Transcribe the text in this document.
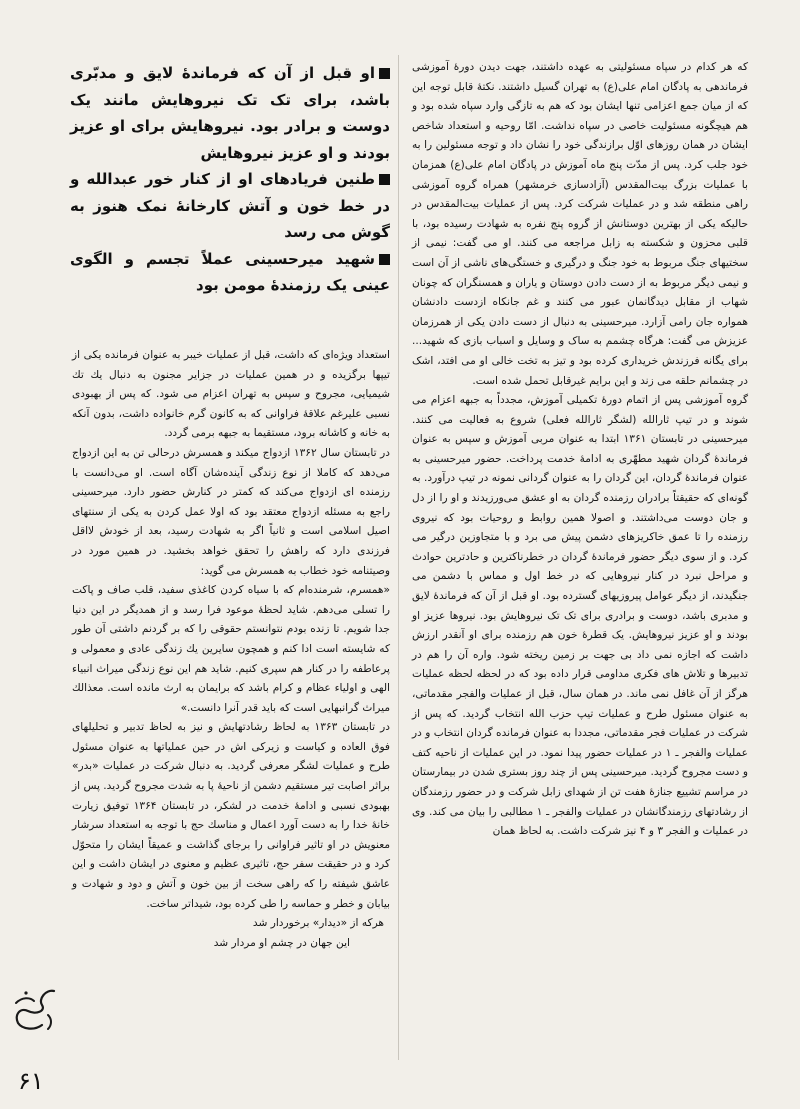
او قبل از آن که فرماندهٔ لایق و مدبّری باشد، برای تک تک نیروهایش مانند یک دوست و برادر بود. نیروهایش برای او عزیز بودند و او عزیز نیروهایش

طنین فریادهای او از کنار خور عبدالله و در خط خون و آتش کارخانهٔ نمک هنوز به گوش می رسد

شهید میرحسینی عملاً تجسم و الگوی عینی یک رزمندهٔ مومن بود

که هر کدام در سپاه مسئولیتی به عهده داشتند، جهت دیدن دورهٔ آموزشی فرماندهی به پادگان امام علی(ع) به تهران گسیل داشتند. نکتهٔ قابل توجه این که از میان جمع اعزامی تنها ایشان بود که هم به تازگی وارد سپاه شده بود و هم هیچگونه مسئولیت خاصی در سپاه نداشت. امّا روحیه و استعداد شاخص ایشان در همان روزهای اوّل برازندگی خود را نشان داد و توجه مسئولین را به خود جلب کرد. پس از مدّت پنج ماه آموزش در پادگان امام علی(ع) همزمان با عملیات بزرگ بیت‌المقدس (آزادسازی خرمشهر) همراه گروه آموزشی راهی منطقه شد و در عملیات شرکت کرد. پس از عملیات بیت‌المقدس در حالیکه یکی از بهترین دوستانش از گروه پنج نفره به شهادت رسیده بود، با قلبی محزون و شکسته به زابل مراجعه می کنند. او می گفت: نیمی از سختیهای جنگ مربوط به خود جنگ و درگیری و خستگی‌های ناشی از آن است و نیمی دیگر مربوط به از دست دادن دوستان و یاران و همسنگران که چونان شهاب از مقابل دیدگانمان عبور می کنند و غم جانکاه ازدست دادنشان همواره جان رامی آزارد. میرحسینی به دنبال از دست دادن یکی از همرزمان عزیزش می گفت: هرگاه چشمم به ساک و وسایل و اسباب بازی که شهید... برای یگانه فرزندش خریداری کرده بود و تیز به تخت خالی او می افتد، اشک در چشمانم حلقه می زند و این برایم غیرقابل تحمل شده است.

گروه آموزشی پس از اتمام دورهٔ تکمیلی آموزش، مجدداً به جبهه اعزام می شوند و در تیپ ثارالله (لشگر ثارالله فعلی) شروع به فعالیت می کنند. میرحسینی در تابستان ۱۳۶۱ ابتدا به عنوان مربی آموزش و سپس به عنوان فرماندهٔ گردان شهید مطهّری به ادامهٔ خدمت پرداخت. حضور میرحسینی به عنوان فرماندهٔ گردان، این گردان را به عنوان گردانی نمونه در تیپ درآورد. به گونه‌ای که حقیقتاً برادران رزمنده گردان به او عشق می‌ورزیدند و او را از دل و جان دوست می‌داشتند. و اصولا همین روابط و روحیات بود که نیروی رزمنده را تا عمق خاکریزهای دشمن پیش می برد و با متجاوزین درگیر می کرد. و از سوی دیگر حضور فرماندهٔ گردان در خطرناکترین و حادترین حوادث و مراحل نبرد در کنار نیروهایی که در خط اول و مماس با دشمن می جنگیدند، از دیگر عوامل پیروزیهای گسترده بود. او قبل از آن که فرماندهٔ لایق و مدبری باشد، دوست و برادری برای تک تک نیروهایش بود. نیروها عزیز او بودند و او عزیز نیروهایش. یک قطرهٔ خون هم رزمنده برای او آنقدر ارزش داشت که اجازه نمی داد بی جهت بر زمین ریخته شود. واره آن را هم در تدبیرها و تلاش های فکری مداومی قرار داده بود که در لحظه لحظه عملیات هرگز از آن غافل نمی ماند. در همان سال، قبل از عملیات والفجر مقدماتی، به عنوان مسئول طرح و عملیات تیپ حزب الله انتخاب گردید. که پس از شرکت در عملیات فجر مقدماتی، مجددا به عنوان فرمانده گردان انتخاب و در عملیات والفجر ـ ۱ در عملیات حضور پیدا نمود. در این عملیات از ناحیه کتف و دست مجروح گردید. میرحسینی پس از چند روز بستری شدن در بیمارستان در مراسم تشییع جنازهٔ هفت تن از شهدای زابل شرکت و در حضور رزمندگان از رشادتهای رزمندگانشان در عملیات والفجر ـ ۱ مطالبی را بیان می کند. وی در عملیات و الفجر ۳ و ۴ نیز شرکت داشت. به لحاظ همان

استعداد ویژه‌ای که داشت، قبل از عملیات خیبر به عنوان فرمانده یکی از تیپها برگزیده و در همین عملیات در جزایر مجنون به دنبال یك تك شیمیایی، مجروح و سپس به تهران اعزام می شود. که پس از بهبودی نسبی علیرغم علاقهٔ فراوانی که به کانون گرم خانواده داشت، بدون آنکه به خانه و کاشانه برود، مستقیما به جبهه برمی گردد.

در تابستان سال ۱۳۶۲ ازدواج میکند و همسرش درحالی تن به این ازدواج می‌دهد که کاملا از نوع زندگی آینده‌شان آگاه است. او می‌دانست با رزمنده ای ازدواج می‌کند که کمتر در کنارش حضور دارد. میرحسینی راجع به مسئله ازدواج معتقد بود که اولا عمل کردن به یکی از سنتهای اصیل اسلامی است و ثانیاً اگر به شهادت رسید، بعد از خودش لااقل فرزندی دارد که راهش را تحقق خواهد بخشید. در همین مورد در وصیتنامه خود خطاب به همسرش می گوید:

«همسرم، شرمنده‌ام که با سیاه کردن کاغذی سفید، قلب صاف و پاکت را تسلی می‌دهم. شاید لحظهٔ موعود فرا رسد و از همدیگر در این دنیا جدا شویم. تا زنده بودم نتوانستم حقوقی را که بر گردنم داشتی آن طور که شایسته است ادا کنم و همچون سایرین یك زندگی عادی و معمولی و پرعاطفه را در کنار هم سپری کنیم. شاید هم این نوع زندگی میراث انبیاء الهی و اولیاء عظام و کرام باشد که برایمان به ارث مانده است. معذالك میراث گرانبهایی است که باید قدر آنرا دانست.»

در تابستان ۱۳۶۳ به لحاظ رشادتهایش و نیز به لحاظ تدبیر و تحلیلهای فوق العاده و کیاست و زیرکی اش در حین عملیاتها به عنوان مسئول طرح و عملیات لشگر معرفی گردید. به دنبال شرکت در عملیات «بدر» براثر اصابت تیر مستقیم دشمن از ناحیهٔ پا به شدت مجروح گردید. پس از بهبودی نسبی و ادامهٔ خدمت در لشکر، در تابستان ۱۳۶۴ توفیق زیارت خانهٔ خدا را به دست آورد اعمال و مناسك حج با توجه به استعداد سرشار معنویش در او تاثیر فراوانی را برجای گذاشت و عمیقاً ایشان را متحوّل کرد و در حقیقت سفر حج، تاثیری عظیم و معنوی در ایشان داشت و این عاشق شیفته را که راهی سخت از بین خون و آتش و دود و شهادت و بیابان و خطر و حماسه را طی کرده بود، شیداتر ساخت.

هرکه از «دیدار» برخوردار شد
این جهان در چشم او مردار شد
۶۱
